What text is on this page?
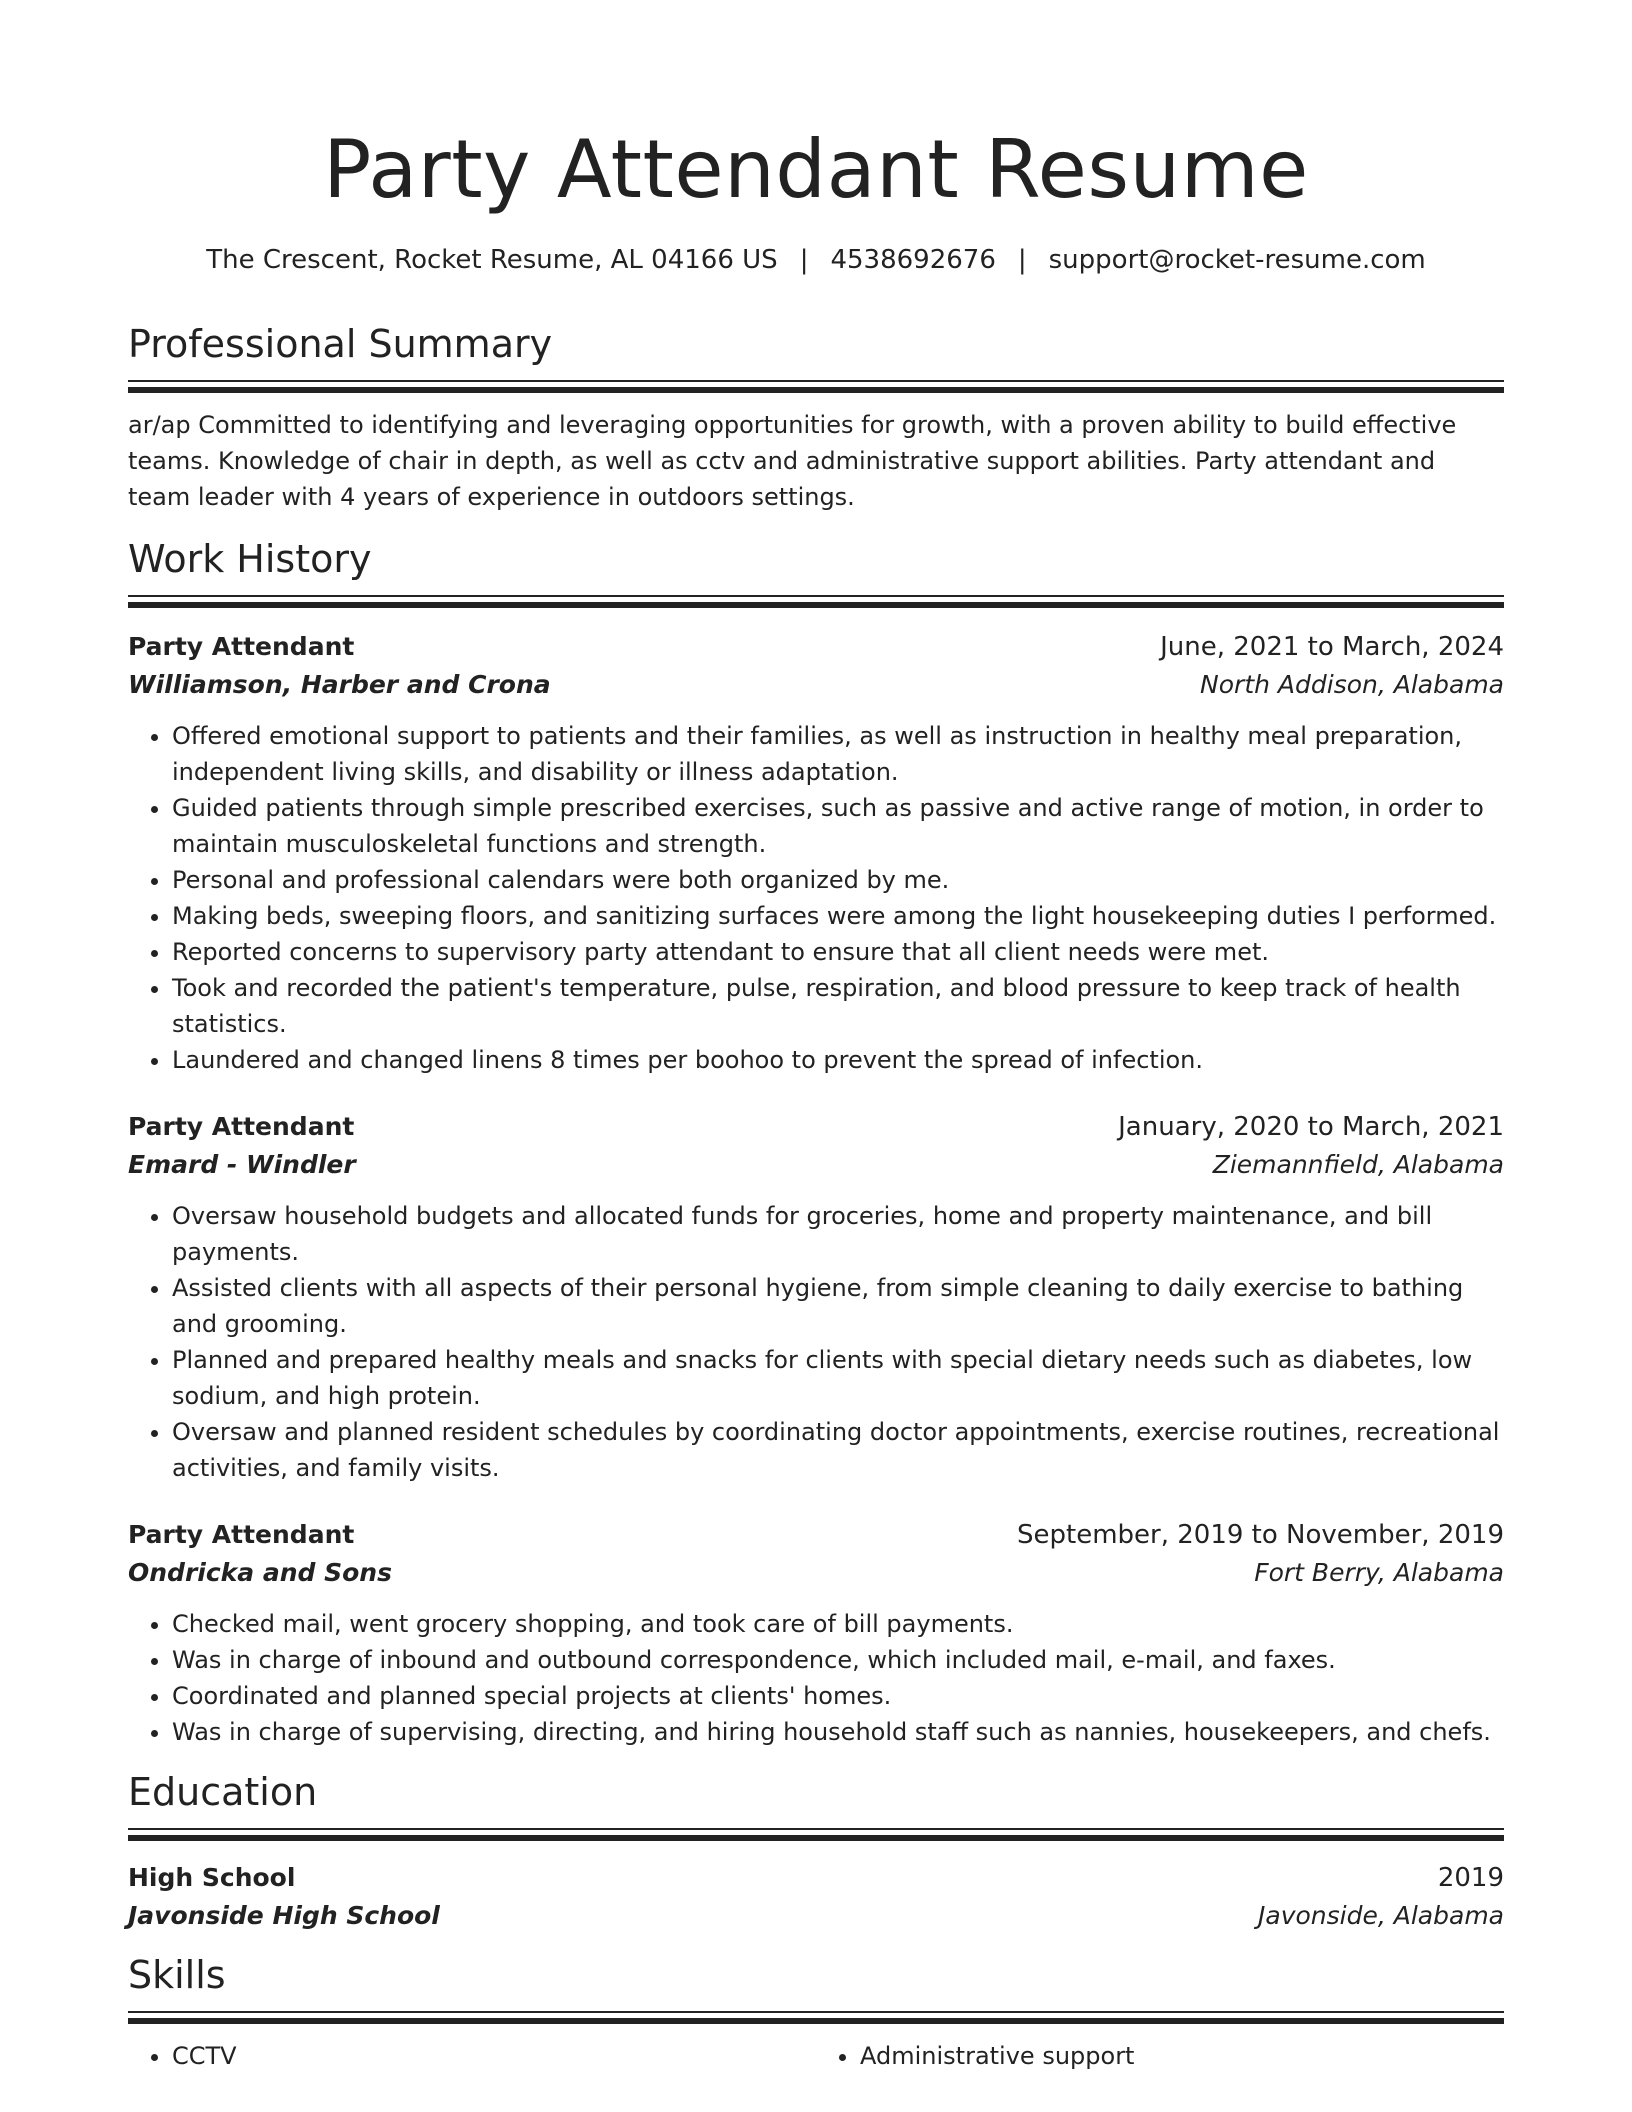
Party Attendant Resume
The Crescent, Rocket Resume, AL 04166 US | 4538692676 | support@rocket-resume.com
Professional Summary

ar/ap Committed to identifying and leveraging opportunities for growth, with a proven ability to build effective teams. Knowledge of chair in depth, as well as cctv and administrative support abilities. Party attendant and team leader with 4 years of experience in outdoors settings.

Work History
Party Attendant	June, 2021 to March, 2024
Williamson, Harber and Crona	North Addison, Alabama
• Offered emotional support to patients and their families, as well as instruction in healthy meal preparation, independent living skills, and disability or illness adaptation.
• Guided patients through simple prescribed exercises, such as passive and active range of motion, in order to maintain musculoskeletal functions and strength.
• Personal and professional calendars were both organized by me.
• Making beds, sweeping floors, and sanitizing surfaces were among the light housekeeping duties I performed.
• Reported concerns to supervisory party attendant to ensure that all client needs were met.
• Took and recorded the patient's temperature, pulse, respiration, and blood pressure to keep track of health statistics.
• Laundered and changed linens 8 times per boohoo to prevent the spread of infection.
Party Attendant	January, 2020 to March, 2021
Emard - Windler	Ziemannfield, Alabama
• Oversaw household budgets and allocated funds for groceries, home and property maintenance, and bill payments.
• Assisted clients with all aspects of their personal hygiene, from simple cleaning to daily exercise to bathing and grooming.
• Planned and prepared healthy meals and snacks for clients with special dietary needs such as diabetes, low sodium, and high protein.
• Oversaw and planned resident schedules by coordinating doctor appointments, exercise routines, recreational activities, and family visits.
Party Attendant	September, 2019 to November, 2019
Ondricka and Sons	Fort Berry, Alabama
• Checked mail, went grocery shopping, and took care of bill payments.
• Was in charge of inbound and outbound correspondence, which included mail, e-mail, and faxes.
• Coordinated and planned special projects at clients' homes.
• Was in charge of supervising, directing, and hiring household staff such as nannies, housekeepers, and chefs.
Education
High School	2019
Javonside High School	Javonside, Alabama
Skills
• CCTV
•	Administrative support
